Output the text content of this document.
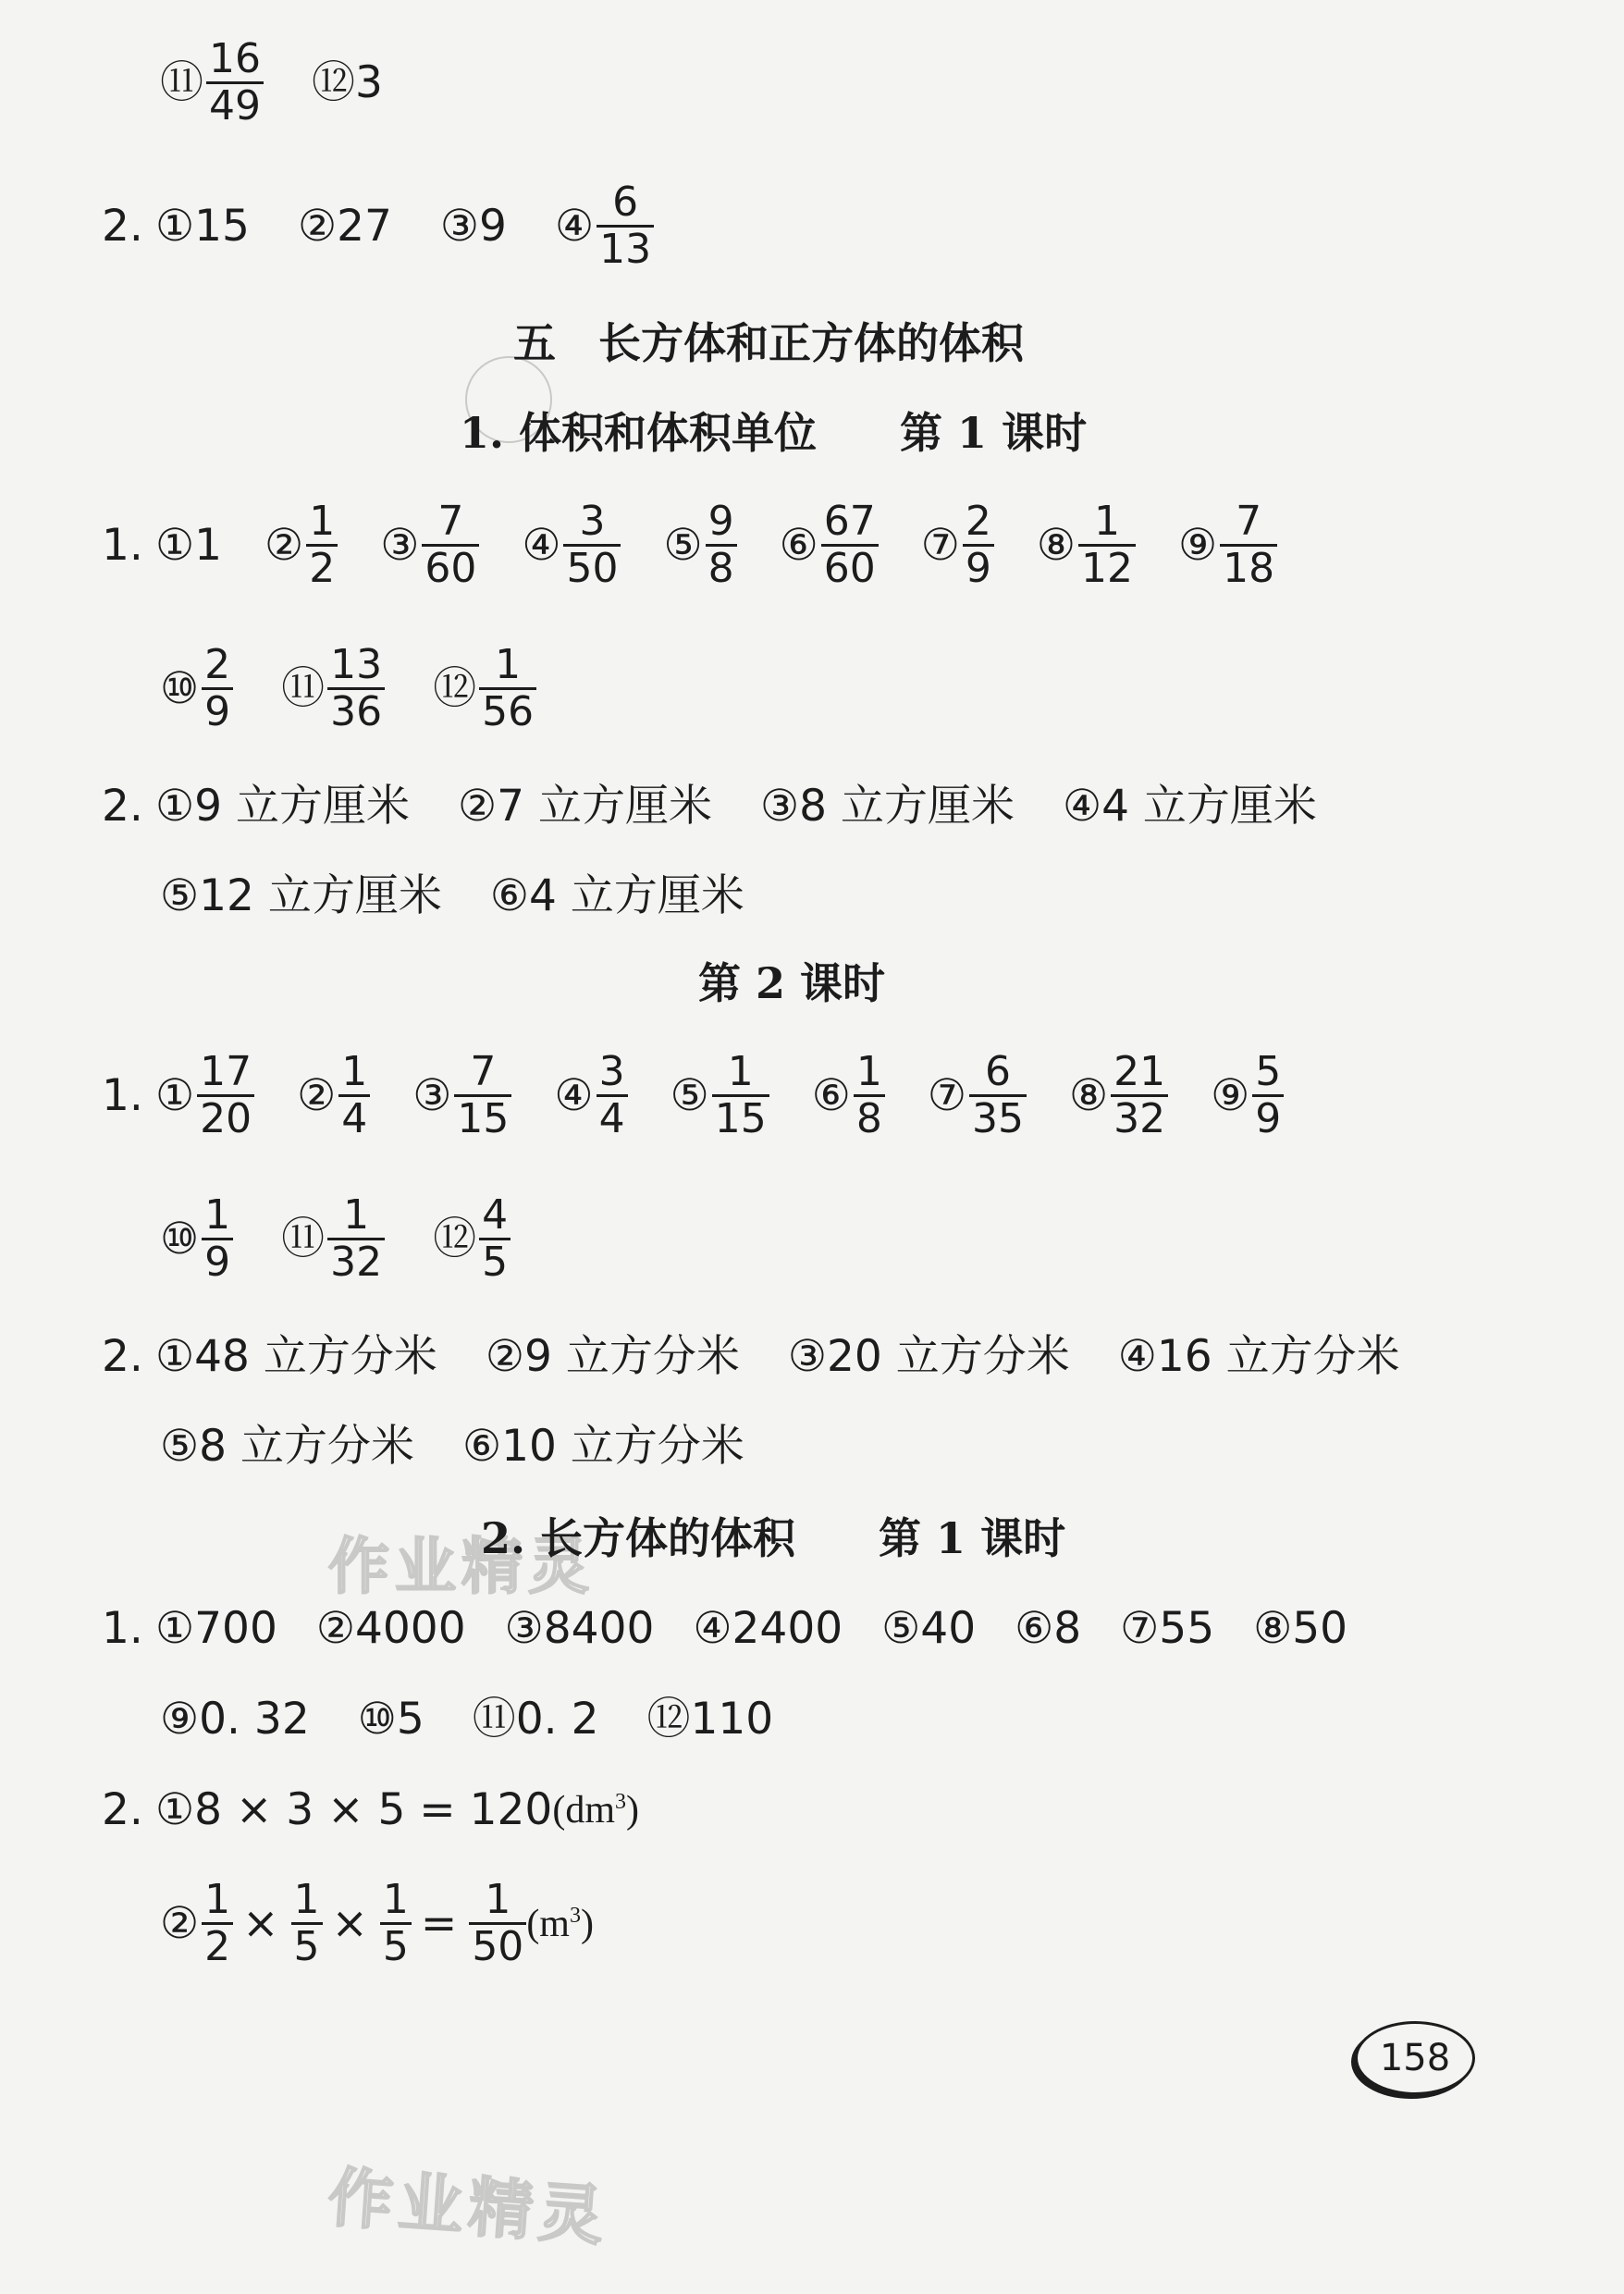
作业精灵
作业精灵
⑪ $\frac{16}{49}$ ⑫ 3
2. ① 15 ② 27 ③ 9 ④ $\frac{6}{13}$
五　长方体和正方体的体积
1. 体积和体积单位 第 1 课时
1. ① 1 ② $\frac{1}{2}$ ③ $\frac{7}{60}$ ④ $\frac{3}{50}$ ⑤ $\frac{9}{8}$ ⑥ $\frac{67}{60}$ ⑦ $\frac{2}{9}$ ⑧ $\frac{1}{12}$ ⑨ $\frac{7}{18}$
⑩ $\frac{2}{9}$ ⑪ $\frac{13}{36}$ ⑫ $\frac{1}{56}$
2. ① 9 立方厘米 ② 7 立方厘米 ③ 8 立方厘米 ④ 4 立方厘米
⑤ 12 立方厘米 ⑥ 4 立方厘米
第 2 课时
1. ① $\frac{17}{20}$ ② $\frac{1}{4}$ ③ $\frac{7}{15}$ ④ $\frac{3}{4}$ ⑤ $\frac{1}{15}$ ⑥ $\frac{1}{8}$ ⑦ $\frac{6}{35}$ ⑧ $\frac{21}{32}$ ⑨ $\frac{5}{9}$
⑩ $\frac{1}{9}$ ⑪ $\frac{1}{32}$ ⑫ $\frac{4}{5}$
2. ① 48 立方分米 ② 9 立方分米 ③ 20 立方分米 ④ 16 立方分米
⑤ 8 立方分米 ⑥ 10 立方分米
2. 长方体的体积 第 1 课时
1. ① 700 ② 4000 ③ 8400 ④ 2400 ⑤ 40 ⑥ 8 ⑦ 55 ⑧ 50
⑨ 0. 32 ⑩ 5 ⑪ 0. 2 ⑫ 110
2. ① 8 × 3 × 5 = 120 $(dm^3)$
② $\frac{1}{2} \times \frac{1}{5} \times \frac{1}{5} = \frac{1}{50} (m^3)$
158
